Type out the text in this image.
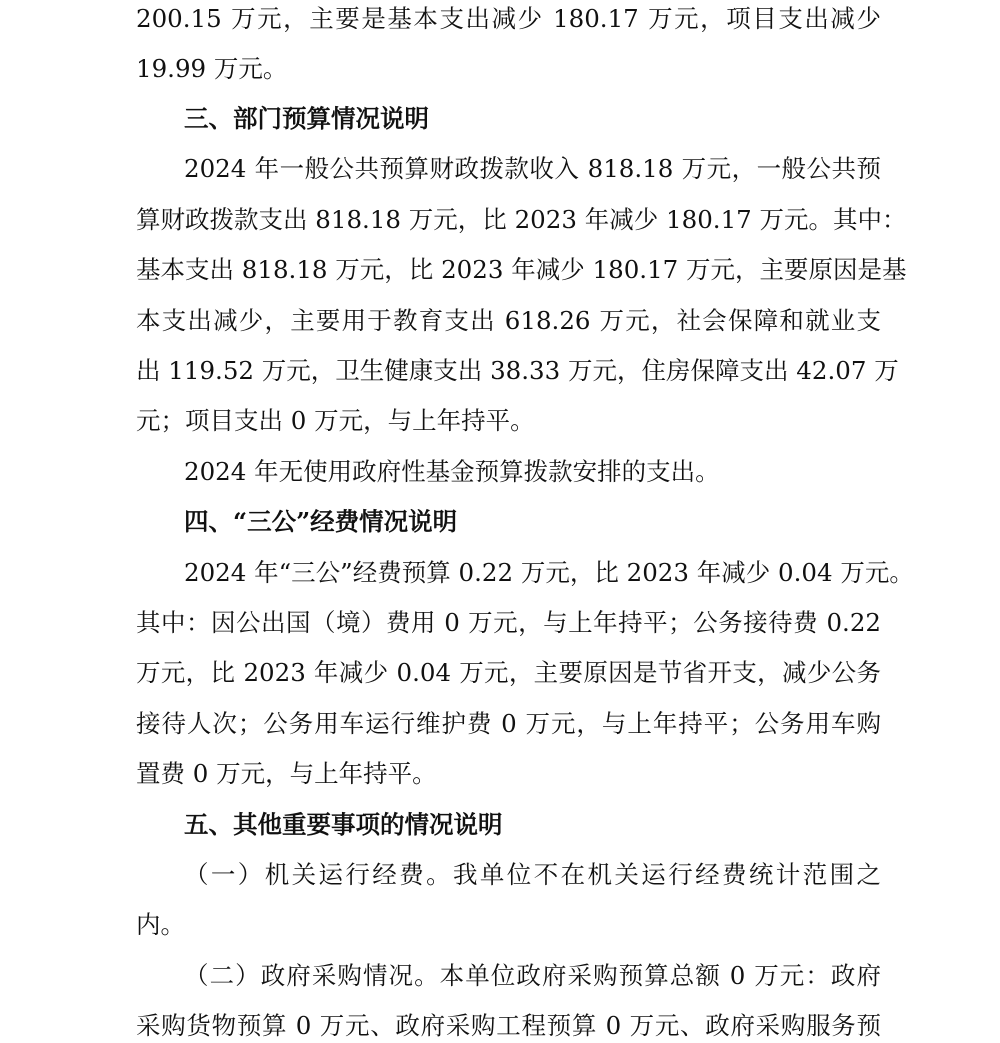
200.15 万元，主要是基本支出减少 180.17 万元，项目支出减少
19.99 万元。
三、部门预算情况说明
2024 年一般公共预算财政拨款收入 818.18 万元，一般公共预
算财政拨款支出 818.18 万元，比 2023 年减少 180.17 万元。其中：
基本支出 818.18 万元，比 2023 年减少 180.17 万元，主要原因是基
本支出减少，主要用于教育支出 618.26 万元，社会保障和就业支
出 119.52 万元，卫生健康支出 38.33 万元，住房保障支出 42.07 万
元；项目支出 0 万元，与上年持平。
2024 年无使用政府性基金预算拨款安排的支出。
四、“三公”经费情况说明
2024 年“三公”经费预算 0.22 万元，比 2023 年减少 0.04 万元。
其中：因公出国（境）费用 0 万元，与上年持平；公务接待费 0.22
万元，比 2023 年减少 0.04 万元，主要原因是节省开支，减少公务
接待人次；公务用车运行维护费 0 万元，与上年持平；公务用车购
置费 0 万元，与上年持平。
五、其他重要事项的情况说明
（一）机关运行经费。我单位不在机关运行经费统计范围之
内。
（二）政府采购情况。本单位政府采购预算总额 0 万元：政府
采购货物预算 0 万元、政府采购工程预算 0 万元、政府采购服务预
